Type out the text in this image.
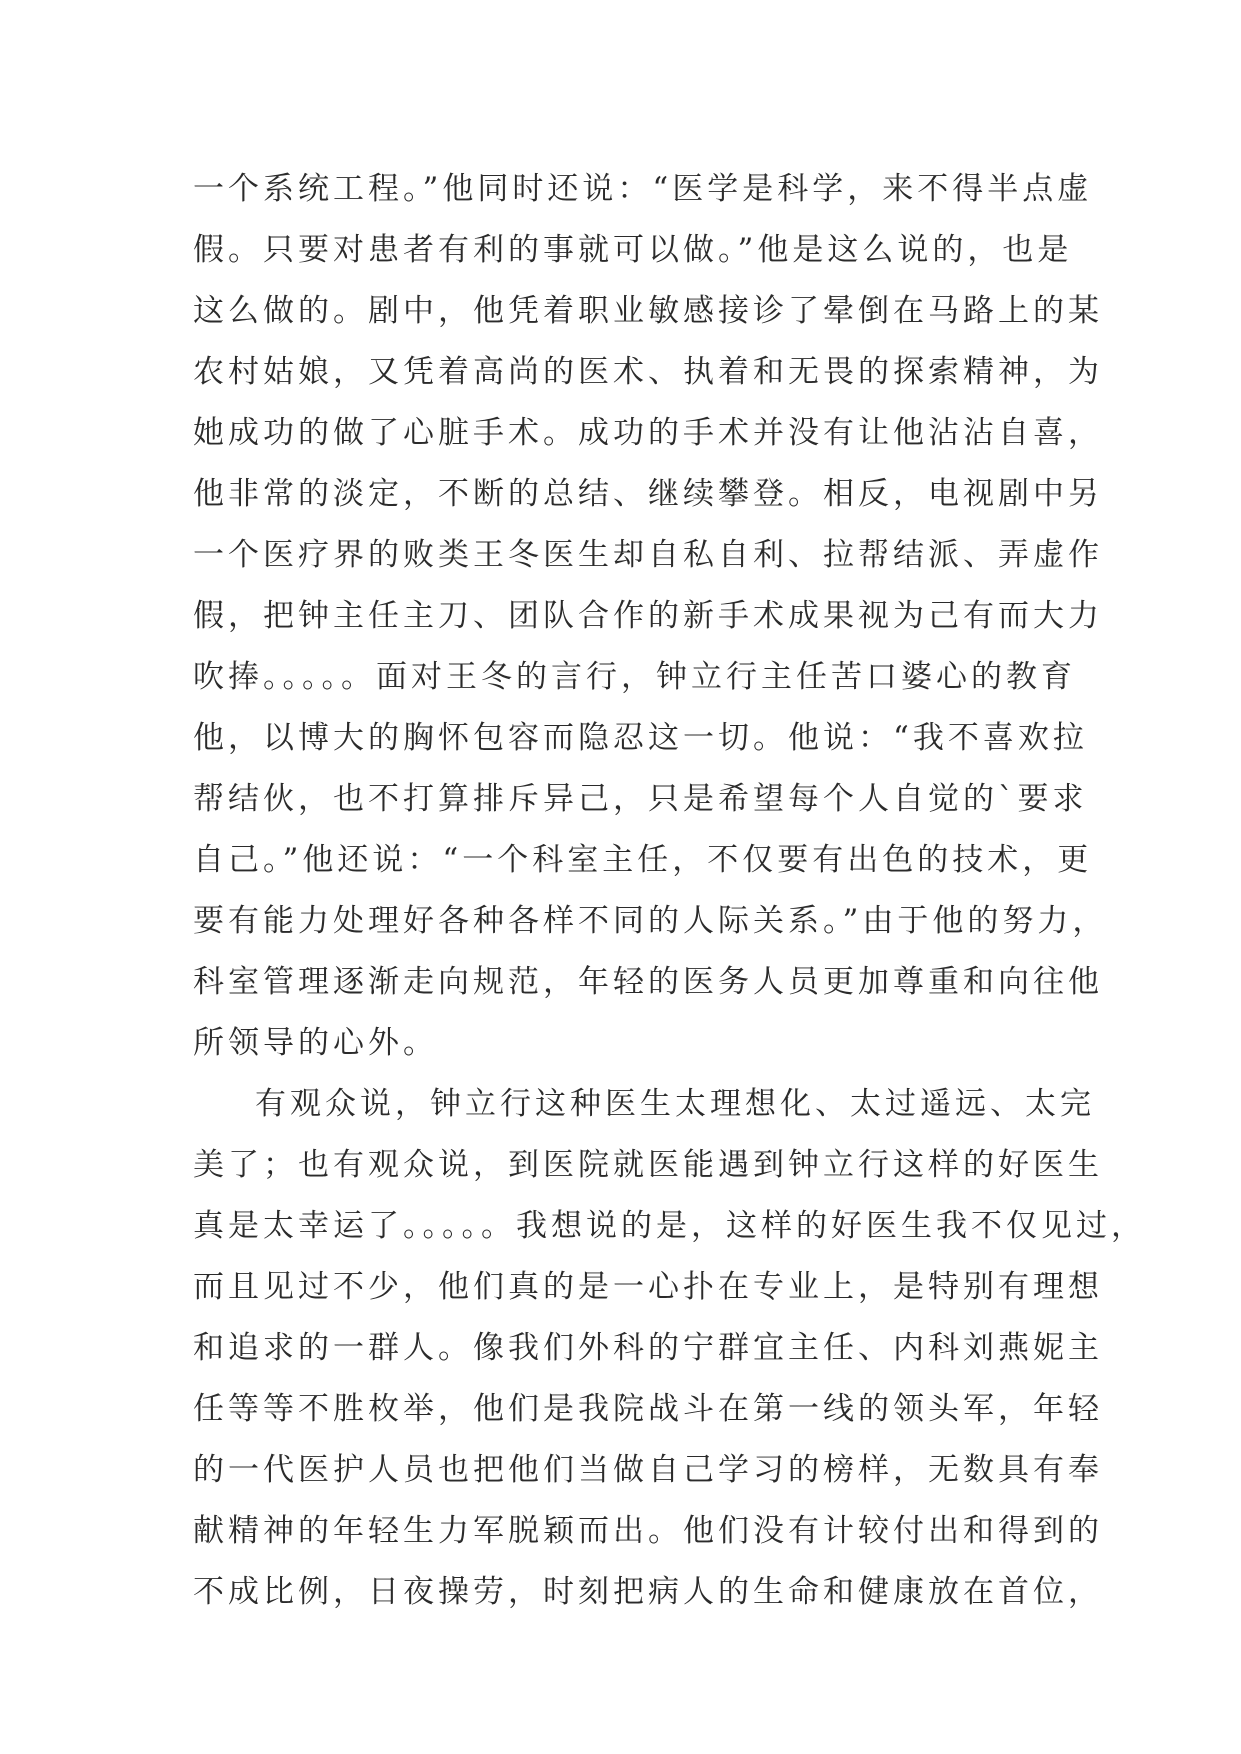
一个系统工程。”他同时还说：“医学是科学，来不得半点虚
假。只要对患者有利的事就可以做。”他是这么说的，也是
这么做的。剧中，他凭着职业敏感接诊了晕倒在马路上的某
农村姑娘，又凭着高尚的医术、执着和无畏的探索精神，为
她成功的做了心脏手术。成功的手术并没有让他沾沾自喜，
他非常的淡定，不断的总结、继续攀登。相反，电视剧中另
一个医疗界的败类王冬医生却自私自利、拉帮结派、弄虚作
假，把钟主任主刀、团队合作的新手术成果视为己有而大力
吹捧。。。。。面对王冬的言行，钟立行主任苦口婆心的教育
他，以博大的胸怀包容而隐忍这一切。他说：“我不喜欢拉
帮结伙，也不打算排斥异己，只是希望每个人自觉的`要求
自己。”他还说：“一个科室主任，不仅要有出色的技术，更
要有能力处理好各种各样不同的人际关系。”由于他的努力，
科室管理逐渐走向规范，年轻的医务人员更加尊重和向往他
所领导的心外。
有观众说，钟立行这种医生太理想化、太过遥远、太完
美了；也有观众说，到医院就医能遇到钟立行这样的好医生
真是太幸运了。。。。。我想说的是，这样的好医生我不仅见过，
而且见过不少，他们真的是一心扑在专业上，是特别有理想
和追求的一群人。像我们外科的宁群宜主任、内科刘燕妮主
任等等不胜枚举，他们是我院战斗在第一线的领头军，年轻
的一代医护人员也把他们当做自己学习的榜样，无数具有奉
献精神的年轻生力军脱颖而出。他们没有计较付出和得到的
不成比例，日夜操劳，时刻把病人的生命和健康放在首位，
